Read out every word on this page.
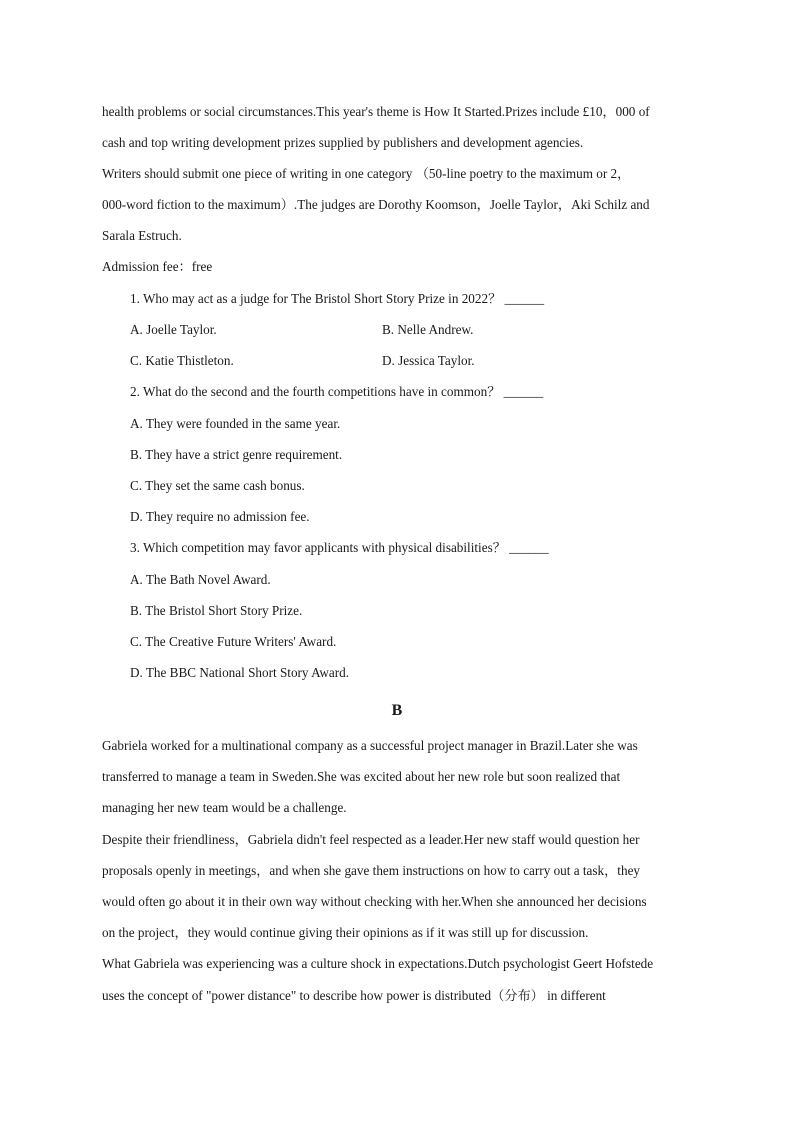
health problems or social circumstances.This year's theme is How It Started.Prizes include £10，000 of
cash and top writing development prizes supplied by publishers and development agencies.
Writers should submit one piece of writing in one category （50-line poetry to the maximum or 2，
000-word fiction to the maximum）.The judges are Dorothy Koomson，Joelle Taylor，Aki Schilz and
Sarala Estruch.
Admission fee：free
1. Who may act as a judge for The Bristol Short Story Prize in 2022？ ______
A. Joelle Taylor.	B. Nelle Andrew.
C. Katie Thistleton.	D. Jessica Taylor.
2. What do the second and the fourth competitions have in common？ ______
A. They were founded in the same year.
B. They have a strict genre requirement.
C. They set the same cash bonus.
D. They require no admission fee.
3. Which competition may favor applicants with physical disabilities？ ______
A. The Bath Novel Award.
B. The Bristol Short Story Prize.
C. The Creative Future Writers' Award.
D. The BBC National Short Story Award.
B
Gabriela worked for a multinational company as a successful project manager in Brazil.Later she was
transferred to manage a team in Sweden.She was excited about her new role but soon realized that
managing her new team would be a challenge.
Despite their friendliness，Gabriela didn't feel respected as a leader.Her new staff would question her
proposals openly in meetings，and when she gave them instructions on how to carry out a task，they
would often go about it in their own way without checking with her.When she announced her decisions
on the project，they would continue giving their opinions as if it was still up for discussion.
What Gabriela was experiencing was a culture shock in expectations.Dutch psychologist Geert Hofstede
uses the concept of "power distance" to describe how power is distributed（分布） in different
